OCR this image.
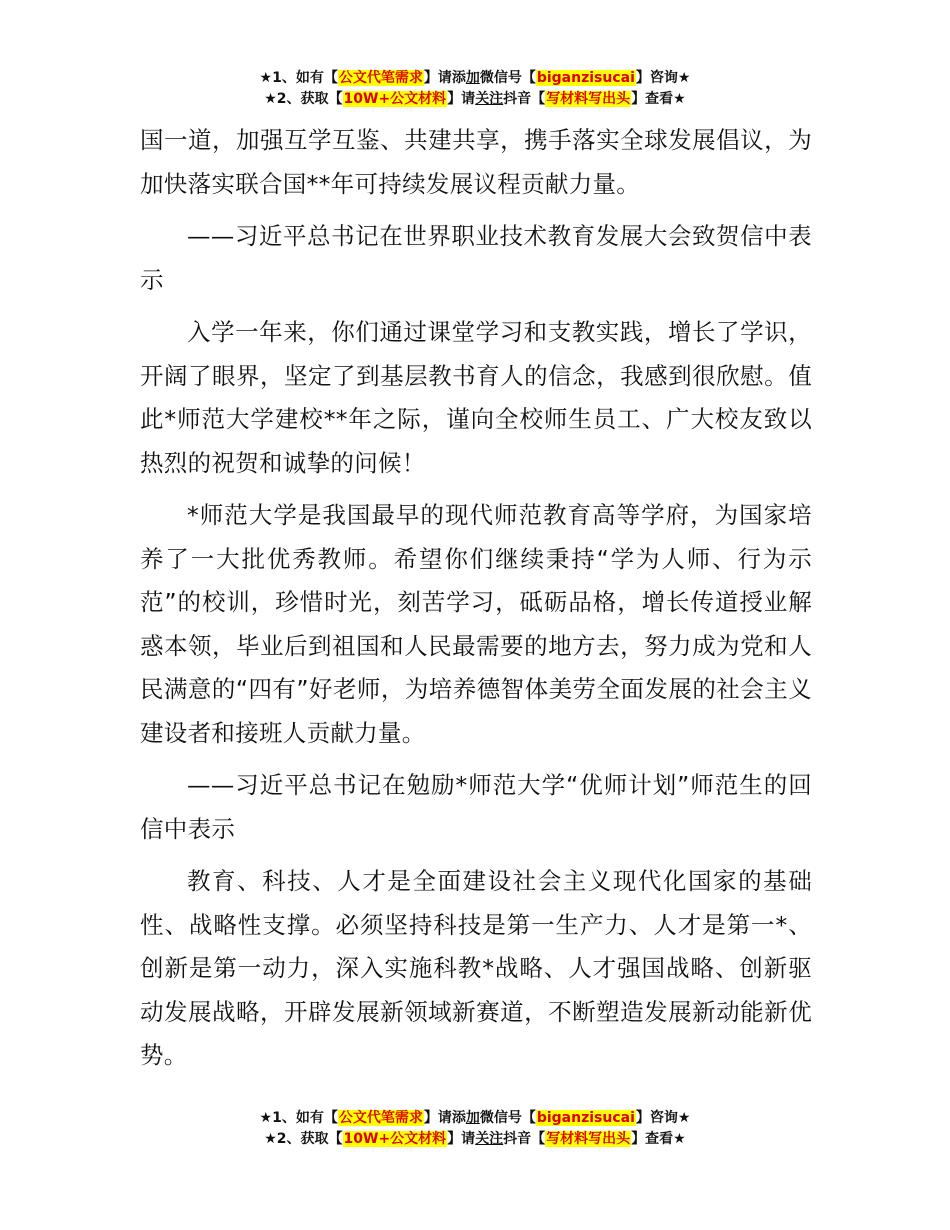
★1、如有【公文代笔需求】请添加微信号【biganzisucai】咨询★
★2、获取【10W+公文材料】请关注抖音【写材料写出头】查看★

国一道，加强互学互鉴、共建共享，携手落实全球发展倡议，为加快落实联合国**年可持续发展议程贡献力量。

——习近平总书记在世界职业技术教育发展大会致贺信中表示

入学一年来，你们通过课堂学习和支教实践，增长了学识，开阔了眼界，坚定了到基层教书育人的信念，我感到很欣慰。值此*师范大学建校**年之际，谨向全校师生员工、广大校友致以热烈的祝贺和诚挚的问候！

*师范大学是我国最早的现代师范教育高等学府，为国家培养了一大批优秀教师。希望你们继续秉持“学为人师、行为示范”的校训，珍惜时光，刻苦学习，砥砺品格，增长传道授业解惑本领，毕业后到祖国和人民最需要的地方去，努力成为党和人民满意的“四有”好老师，为培养德智体美劳全面发展的社会主义建设者和接班人贡献力量。

——习近平总书记在勉励*师范大学“优师计划”师范生的回信中表示

教育、科技、人才是全面建设社会主义现代化国家的基础性、战略性支撑。必须坚持科技是第一生产力、人才是第一*、创新是第一动力，深入实施科教*战略、人才强国战略、创新驱动发展战略，开辟发展新领域新赛道，不断塑造发展新动能新优势。

★1、如有【公文代笔需求】请添加微信号【biganzisucai】咨询★
★2、获取【10W+公文材料】请关注抖音【写材料写出头】查看★
